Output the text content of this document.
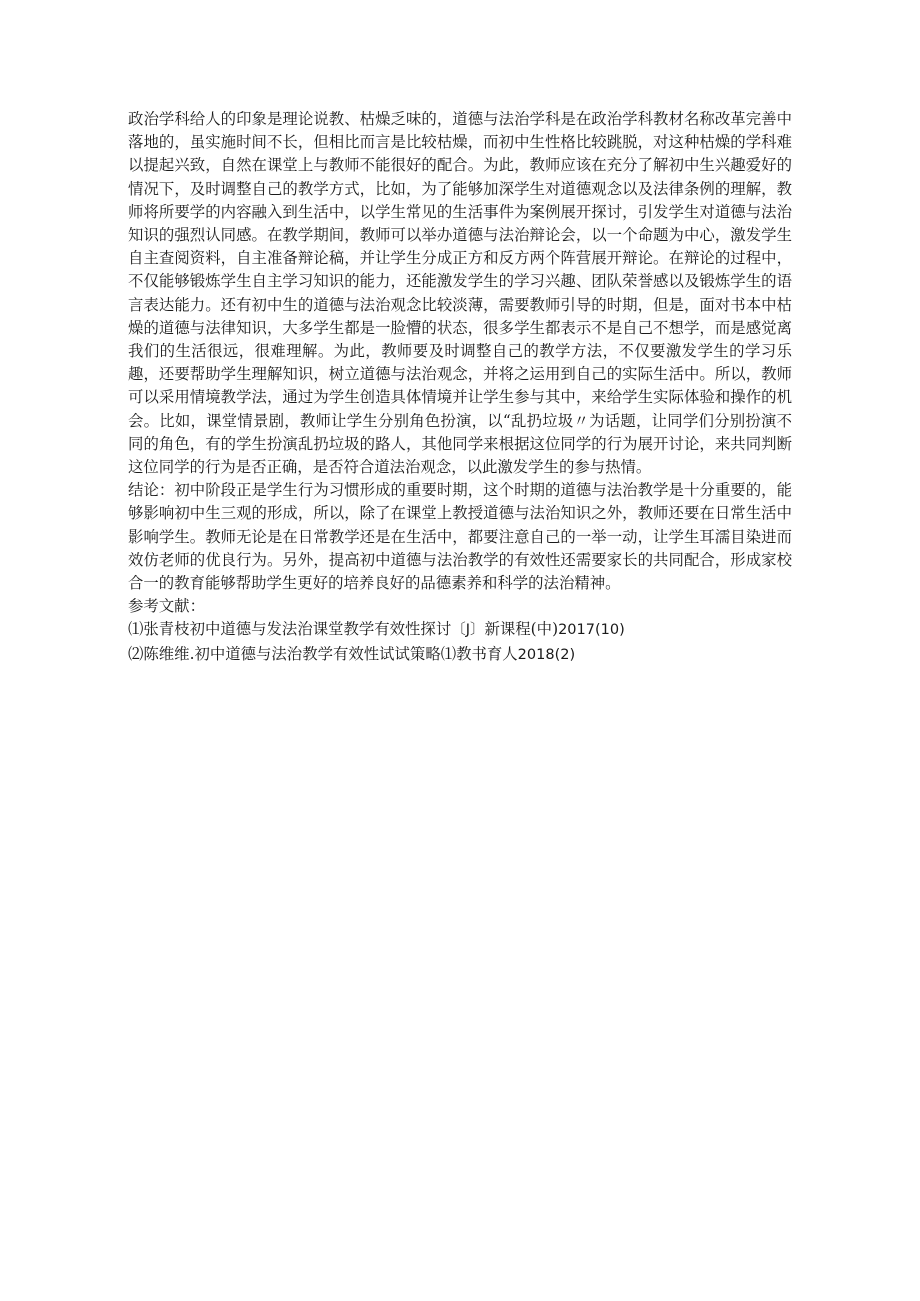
政治学科给人的印象是理论说教、枯燥乏味的，道德与法治学科是在政治学科教材名称改革完善中落地的，虽实施时间不长，但相比而言是比较枯燥，而初中生性格比较跳脱，对这种枯燥的学科难以提起兴致，自然在课堂上与教师不能很好的配合。为此，教师应该在充分了解初中生兴趣爱好的情况下，及时调整自己的教学方式，比如，为了能够加深学生对道德观念以及法律条例的理解，教师将所要学的内容融入到生活中，以学生常见的生活事件为案例展开探讨，引发学生对道德与法治知识的强烈认同感。在教学期间，教师可以举办道德与法治辩论会，以一个命题为中心，激发学生自主查阅资料，自主准备辩论稿，并让学生分成正方和反方两个阵营展开辩论。在辩论的过程中，不仅能够锻炼学生自主学习知识的能力，还能激发学生的学习兴趣、团队荣誉感以及锻炼学生的语言表达能力。还有初中生的道德与法治观念比较淡薄，需要教师引导的时期，但是，面对书本中枯燥的道德与法律知识，大多学生都是一脸懵的状态，很多学生都表示不是自己不想学，而是感觉离我们的生活很远，很难理解。为此，教师要及时调整自己的教学方法，不仅要激发学生的学习乐趣，还要帮助学生理解知识，树立道德与法治观念，并将之运用到自己的实际生活中。所以，教师可以采用情境教学法，通过为学生创造具体情境并让学生参与其中，来给学生实际体验和操作的机会。比如，课堂情景剧，教师让学生分别角色扮演，以“乱扔垃圾〃为话题，让同学们分别扮演不同的角色，有的学生扮演乱扔垃圾的路人，其他同学来根据这位同学的行为展开讨论，来共同判断这位同学的行为是否正确，是否符合道法治观念，以此激发学生的参与热情。

结论：初中阶段正是学生行为习惯形成的重要时期，这个时期的道德与法治教学是十分重要的，能够影响初中生三观的形成，所以，除了在课堂上教授道德与法治知识之外，教师还要在日常生活中影响学生。教师无论是在日常教学还是在生活中，都要注意自己的一举一动，让学生耳濡目染进而效仿老师的优良行为。另外，提高初中道德与法治教学的有效性还需要家长的共同配合，形成家校合一的教育能够帮助学生更好的培养良好的品德素养和科学的法治精神。

参考文献：

⑴张青枝初中道德与发法治课堂教学有效性探讨〔J〕新课程(中)2017(10)
⑵陈维维.初中道德与法治教学有效性试试策略⑴教书育人2018(2)
